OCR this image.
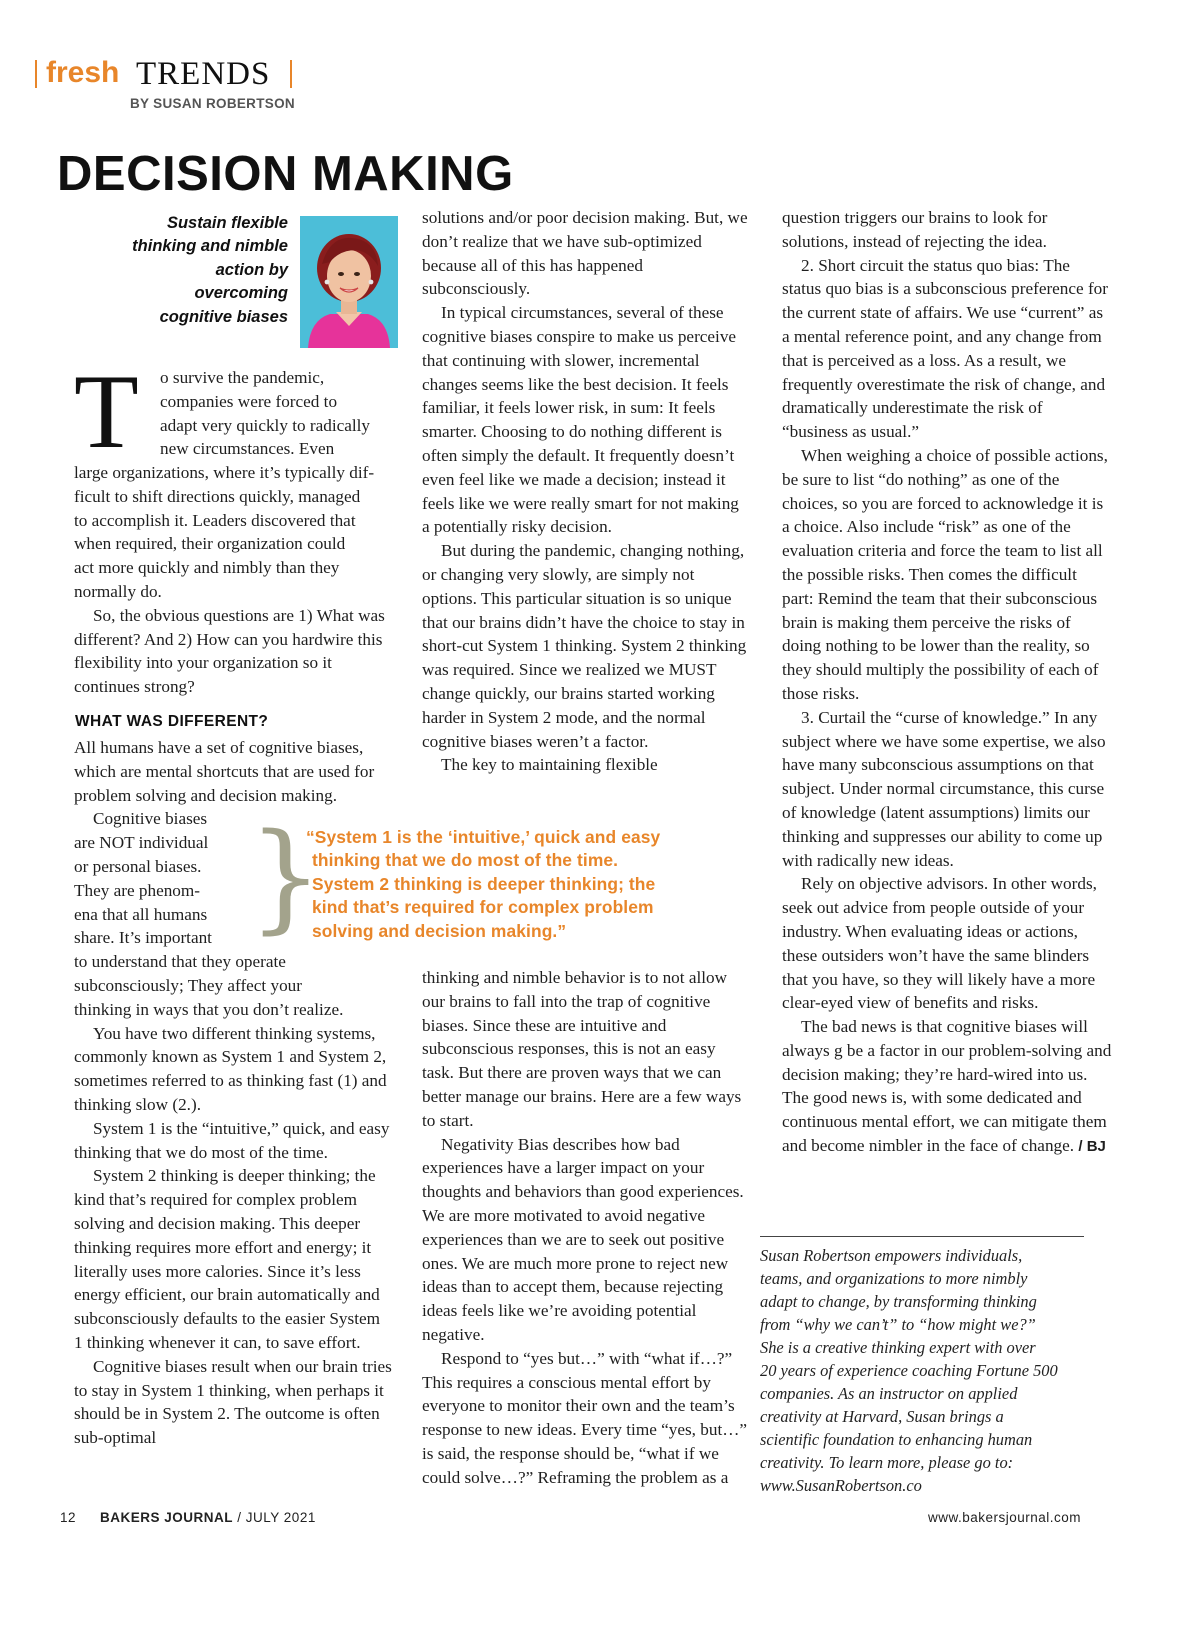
fresh TRENDS
BY SUSAN ROBERTSON
DECISION MAKING
Sustain flexible
thinking and nimble
action by
overcoming
cognitive biases
T o survive the pandemic,
companies were forced to
adapt very quickly to radically
new circumstances. Even
large organizations, where it’s typically dif-
ficult to shift directions quickly, managed
to accomplish it. Leaders discovered that
when required, their organization could
act more quickly and nimbly than they
normally do.

So, the obvious questions are 1) What was different? And 2) How can you hardwire this flexibility into your organization so it continues strong?

WHAT WAS DIFFERENT?

All humans have a set of cognitive biases, which are mental shortcuts that are used for problem solving and decision making.

Cognitive biases
are NOT individual
or personal biases.
They are phenom-
ena that all humans
share. It’s important
to understand that they operate
subconsciously; They affect your
thinking in ways that you don’t realize.

You have two different thinking systems, commonly known as System 1 and System 2, sometimes referred to as thinking fast (1) and thinking slow (2.).

System 1 is the “intuitive,” quick, and easy thinking that we do most of the time.

System 2 thinking is deeper thinking; the kind that’s required for complex problem solving and decision making. This deeper thinking requires more effort and energy; it literally uses more calories. Since it’s less energy efficient, our brain automatically and subconsciously defaults to the easier System 1 thinking whenever it can, to save effort.

Cognitive biases result when our brain tries to stay in System 1 thinking, when perhaps it should be in System 2. The outcome is often sub-optimal

solutions and/or poor decision making. But, we don’t realize that we have sub-optimized because all of this has happened subconsciously.

In typical circumstances, several of these cognitive biases conspire to make us perceive that continuing with slower, incremental changes seems like the best decision. It feels familiar, it feels lower risk, in sum: It feels smarter. Choosing to do nothing different is often simply the default. It frequently doesn’t even feel like we made a decision; instead it feels like we were really smart for not making a potentially risky decision.

But during the pandemic, changing nothing, or changing very slowly, are simply not options. This particular situation is so unique that our brains didn’t have the choice to stay in short-cut System 1 thinking. System 2 thinking was required. Since we realized we MUST change quickly, our brains started working harder in System 2 mode, and the normal cognitive biases weren’t a factor.

The key to maintaining flexible

}
“System 1 is the ‘intuitive,’ quick and easy
thinking that we do most of the time.
System 2 thinking is deeper thinking; the
kind that’s required for complex problem
solving and decision making.”

thinking and nimble behavior is to not allow our brains to fall into the trap of cognitive biases. Since these are intuitive and subconscious responses, this is not an easy task. But there are proven ways that we can better manage our brains. Here are a few ways to start.

Negativity Bias describes how bad experiences have a larger impact on your thoughts and behaviors than good experiences. We are more motivated to avoid negative experiences than we are to seek out positive ones. We are much more prone to reject new ideas than to accept them, because rejecting ideas feels like we’re avoiding potential negative.

Respond to “yes but…” with “what if…?” This requires a conscious mental effort by everyone to monitor their own and the team’s response to new ideas. Every time “yes, but…” is said, the response should be, “what if we could solve…?” Reframing the problem as a

question triggers our brains to look for solutions, instead of rejecting the idea.

2. Short circuit the status quo bias: The status quo bias is a subconscious preference for the current state of affairs. We use “current” as a mental reference point, and any change from that is perceived as a loss. As a result, we frequently overestimate the risk of change, and dramatically underestimate the risk of “business as usual.”

When weighing a choice of possible actions, be sure to list “do nothing” as one of the choices, so you are forced to acknowledge it is a choice. Also include “risk” as one of the evaluation criteria and force the team to list all the possible risks. Then comes the difficult part: Remind the team that their subconscious brain is making them perceive the risks of doing nothing to be lower than the reality, so they should multiply the possibility of each of those risks.

3. Curtail the “curse of knowledge.” In any subject where we have some expertise, we also have many subconscious assumptions on that subject. Under normal circumstance, this curse of knowledge (latent assumptions) limits our thinking and suppresses our ability to come up with radically new ideas.

Rely on objective advisors. In other words, seek out advice from people outside of your industry. When evaluating ideas or actions, these outsiders won’t have the same blinders that you have, so they will likely have a more clear-eyed view of benefits and risks.

The bad news is that cognitive biases will always g be a factor in our problem-solving and decision making; they’re hard-wired into us. The good news is, with some dedicated and continuous mental effort, we can mitigate them and become nimbler in the face of change. / BJ

Susan Robertson empowers individuals,
teams, and organizations to more nimbly
adapt to change, by transforming thinking
from “why we can’t” to “how might we?”
She is a creative thinking expert with over
20 years of experience coaching Fortune 500
companies. As an instructor on applied
creativity at Harvard, Susan brings a
scientific foundation to enhancing human
creativity. To learn more, please go to:
www.SusanRobertson.co
12 BAKERS JOURNAL / JULY 2021	www.bakersjournal.com
